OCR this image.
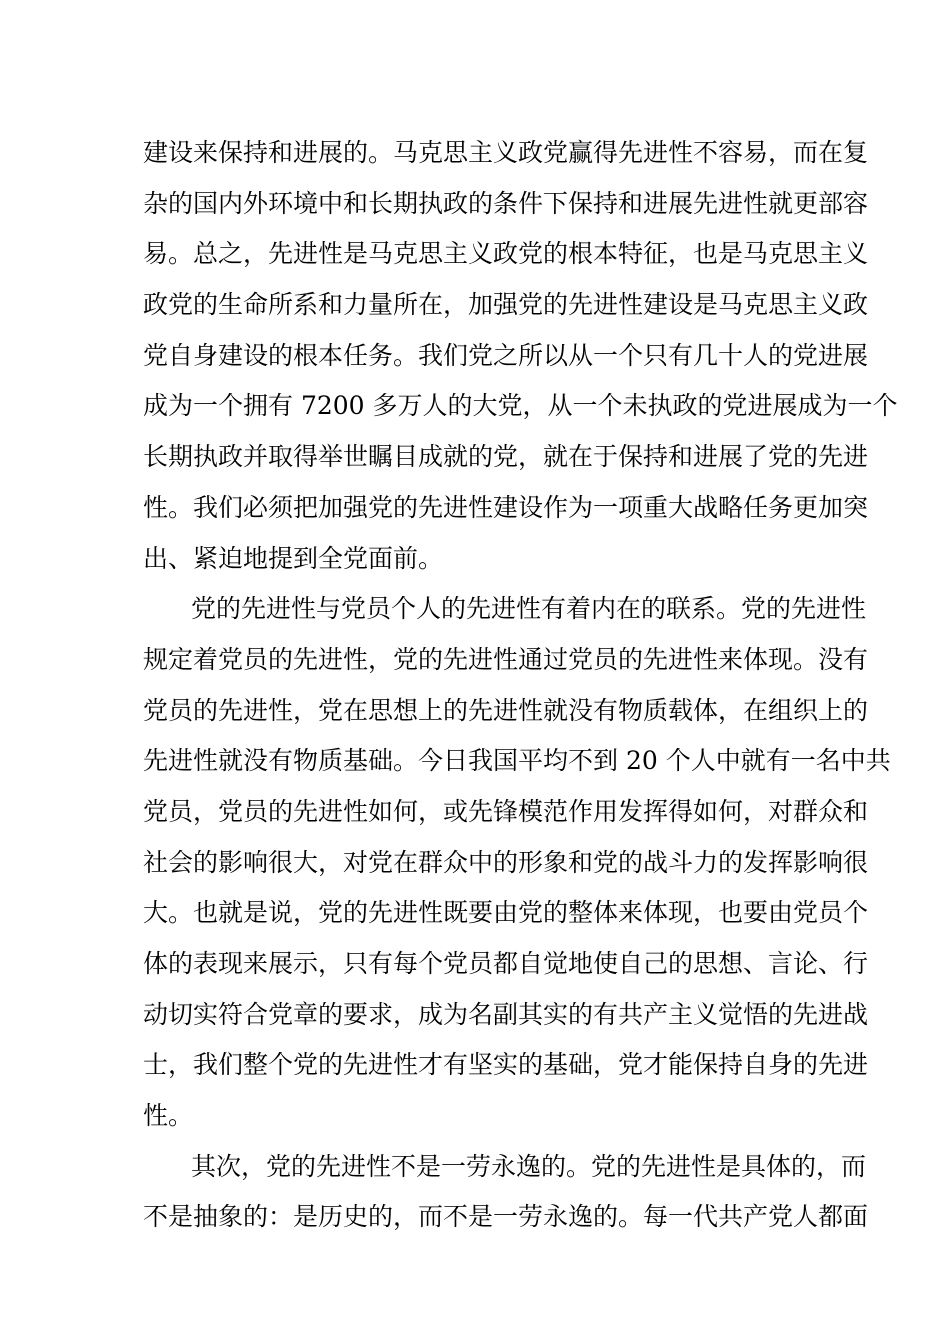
建设来保持和进展的。马克思主义政党赢得先进性不容易，而在复
杂的国内外环境中和长期执政的条件下保持和进展先进性就更部容
易。总之，先进性是马克思主义政党的根本特征，也是马克思主义
政党的生命所系和力量所在，加强党的先进性建设是马克思主义政
党自身建设的根本任务。我们党之所以从一个只有几十人的党进展
成为一个拥有 7200 多万人的大党，从一个未执政的党进展成为一个
长期执政并取得举世瞩目成就的党，就在于保持和进展了党的先进
性。我们必须把加强党的先进性建设作为一项重大战略任务更加突
出、紧迫地提到全党面前。
党的先进性与党员个人的先进性有着内在的联系。党的先进性
规定着党员的先进性，党的先进性通过党员的先进性来体现。没有
党员的先进性，党在思想上的先进性就没有物质载体，在组织上的
先进性就没有物质基础。今日我国平均不到 20 个人中就有一名中共
党员，党员的先进性如何，或先锋模范作用发挥得如何，对群众和
社会的影响很大，对党在群众中的形象和党的战斗力的发挥影响很
大。也就是说，党的先进性既要由党的整体来体现，也要由党员个
体的表现来展示，只有每个党员都自觉地使自己的思想、言论、行
动切实符合党章的要求，成为名副其实的有共产主义觉悟的先进战
士，我们整个党的先进性才有坚实的基础，党才能保持自身的先进
性。
其次，党的先进性不是一劳永逸的。党的先进性是具体的，而
不是抽象的：是历史的，而不是一劳永逸的。每一代共产党人都面
